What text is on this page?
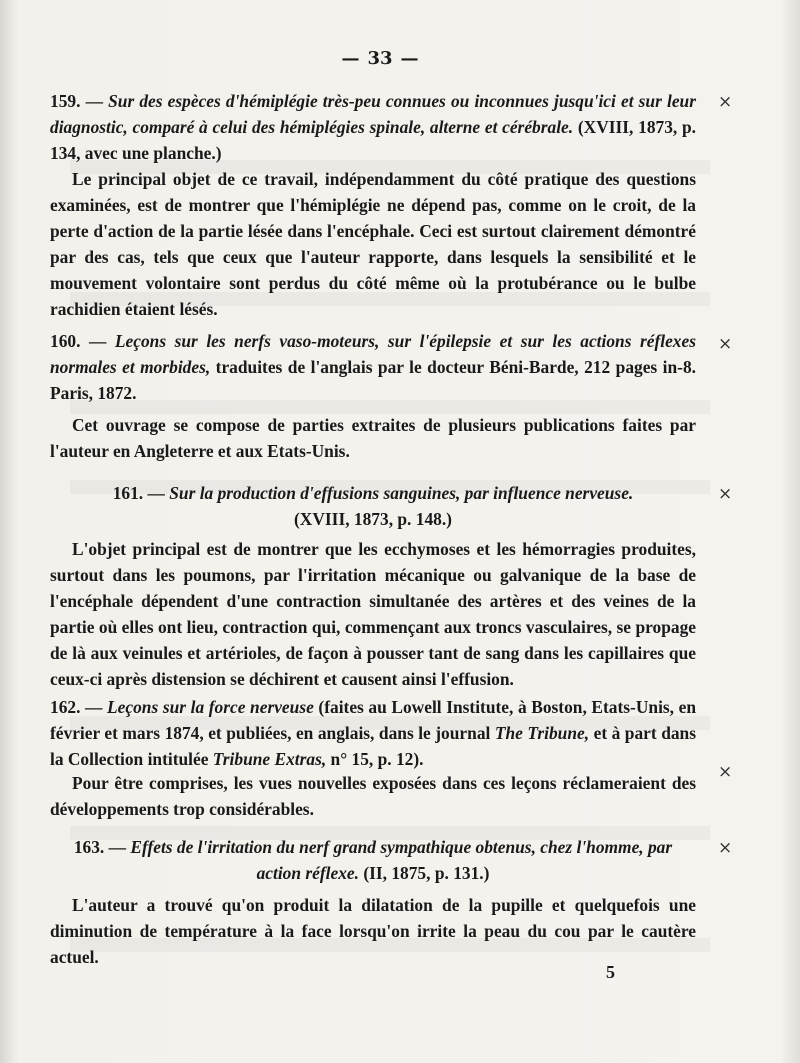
— 33 —
159. — Sur des espèces d'hémiplégie très-peu connues ou inconnues jusqu'ici et sur leur diagnostic, comparé à celui des hémiplégies spinale, alterne et cérébrale. (XVIII, 1873, p. 134, avec une planche.)
×
Le principal objet de ce travail, indépendamment du côté pratique des questions examinées, est de montrer que l'hémiplégie ne dépend pas, comme on le croit, de la perte d'action de la partie lésée dans l'encéphale. Ceci est surtout clairement démontré par des cas, tels que ceux que l'auteur rapporte, dans lesquels la sensibilité et le mouvement volontaire sont perdus du côté même où la protubérance ou le bulbe rachidien étaient lésés.
160. — Leçons sur les nerfs vaso-moteurs, sur l'épilepsie et sur les actions réflexes normales et morbides, traduites de l'anglais par le docteur Béni-Barde, 212 pages in-8. Paris, 1872.
×
Cet ouvrage se compose de parties extraites de plusieurs publications faites par l'auteur en Angleterre et aux Etats-Unis.
161. — Sur la production d'effusions sanguines, par influence nerveuse.
(XVIII, 1873, p. 148.)
×
L'objet principal est de montrer que les ecchymoses et les hémorragies produites, surtout dans les poumons, par l'irritation mécanique ou galvanique de la base de l'encéphale dépendent d'une contraction simultanée des artères et des veines de la partie où elles ont lieu, contraction qui, commençant aux troncs vasculaires, se propage de là aux veinules et artérioles, de façon à pousser tant de sang dans les capillaires que ceux-ci après distension se déchirent et causent ainsi l'effusion.
162. — Leçons sur la force nerveuse (faites au Lowell Institute, à Boston, Etats-Unis, en février et mars 1874, et publiées, en anglais, dans le journal The Tribune, et à part dans la Collection intitulée Tribune Extras, n° 15, p. 12).
×
Pour être comprises, les vues nouvelles exposées dans ces leçons réclameraient des développements trop considérables.
163. — Effets de l'irritation du nerf grand sympathique obtenus, chez l'homme, par action réflexe. (II, 1875, p. 131.)
×
L'auteur a trouvé qu'on produit la dilatation de la pupille et quelquefois une diminution de température à la face lorsqu'on irrite la peau du cou par le cautère actuel.
5
